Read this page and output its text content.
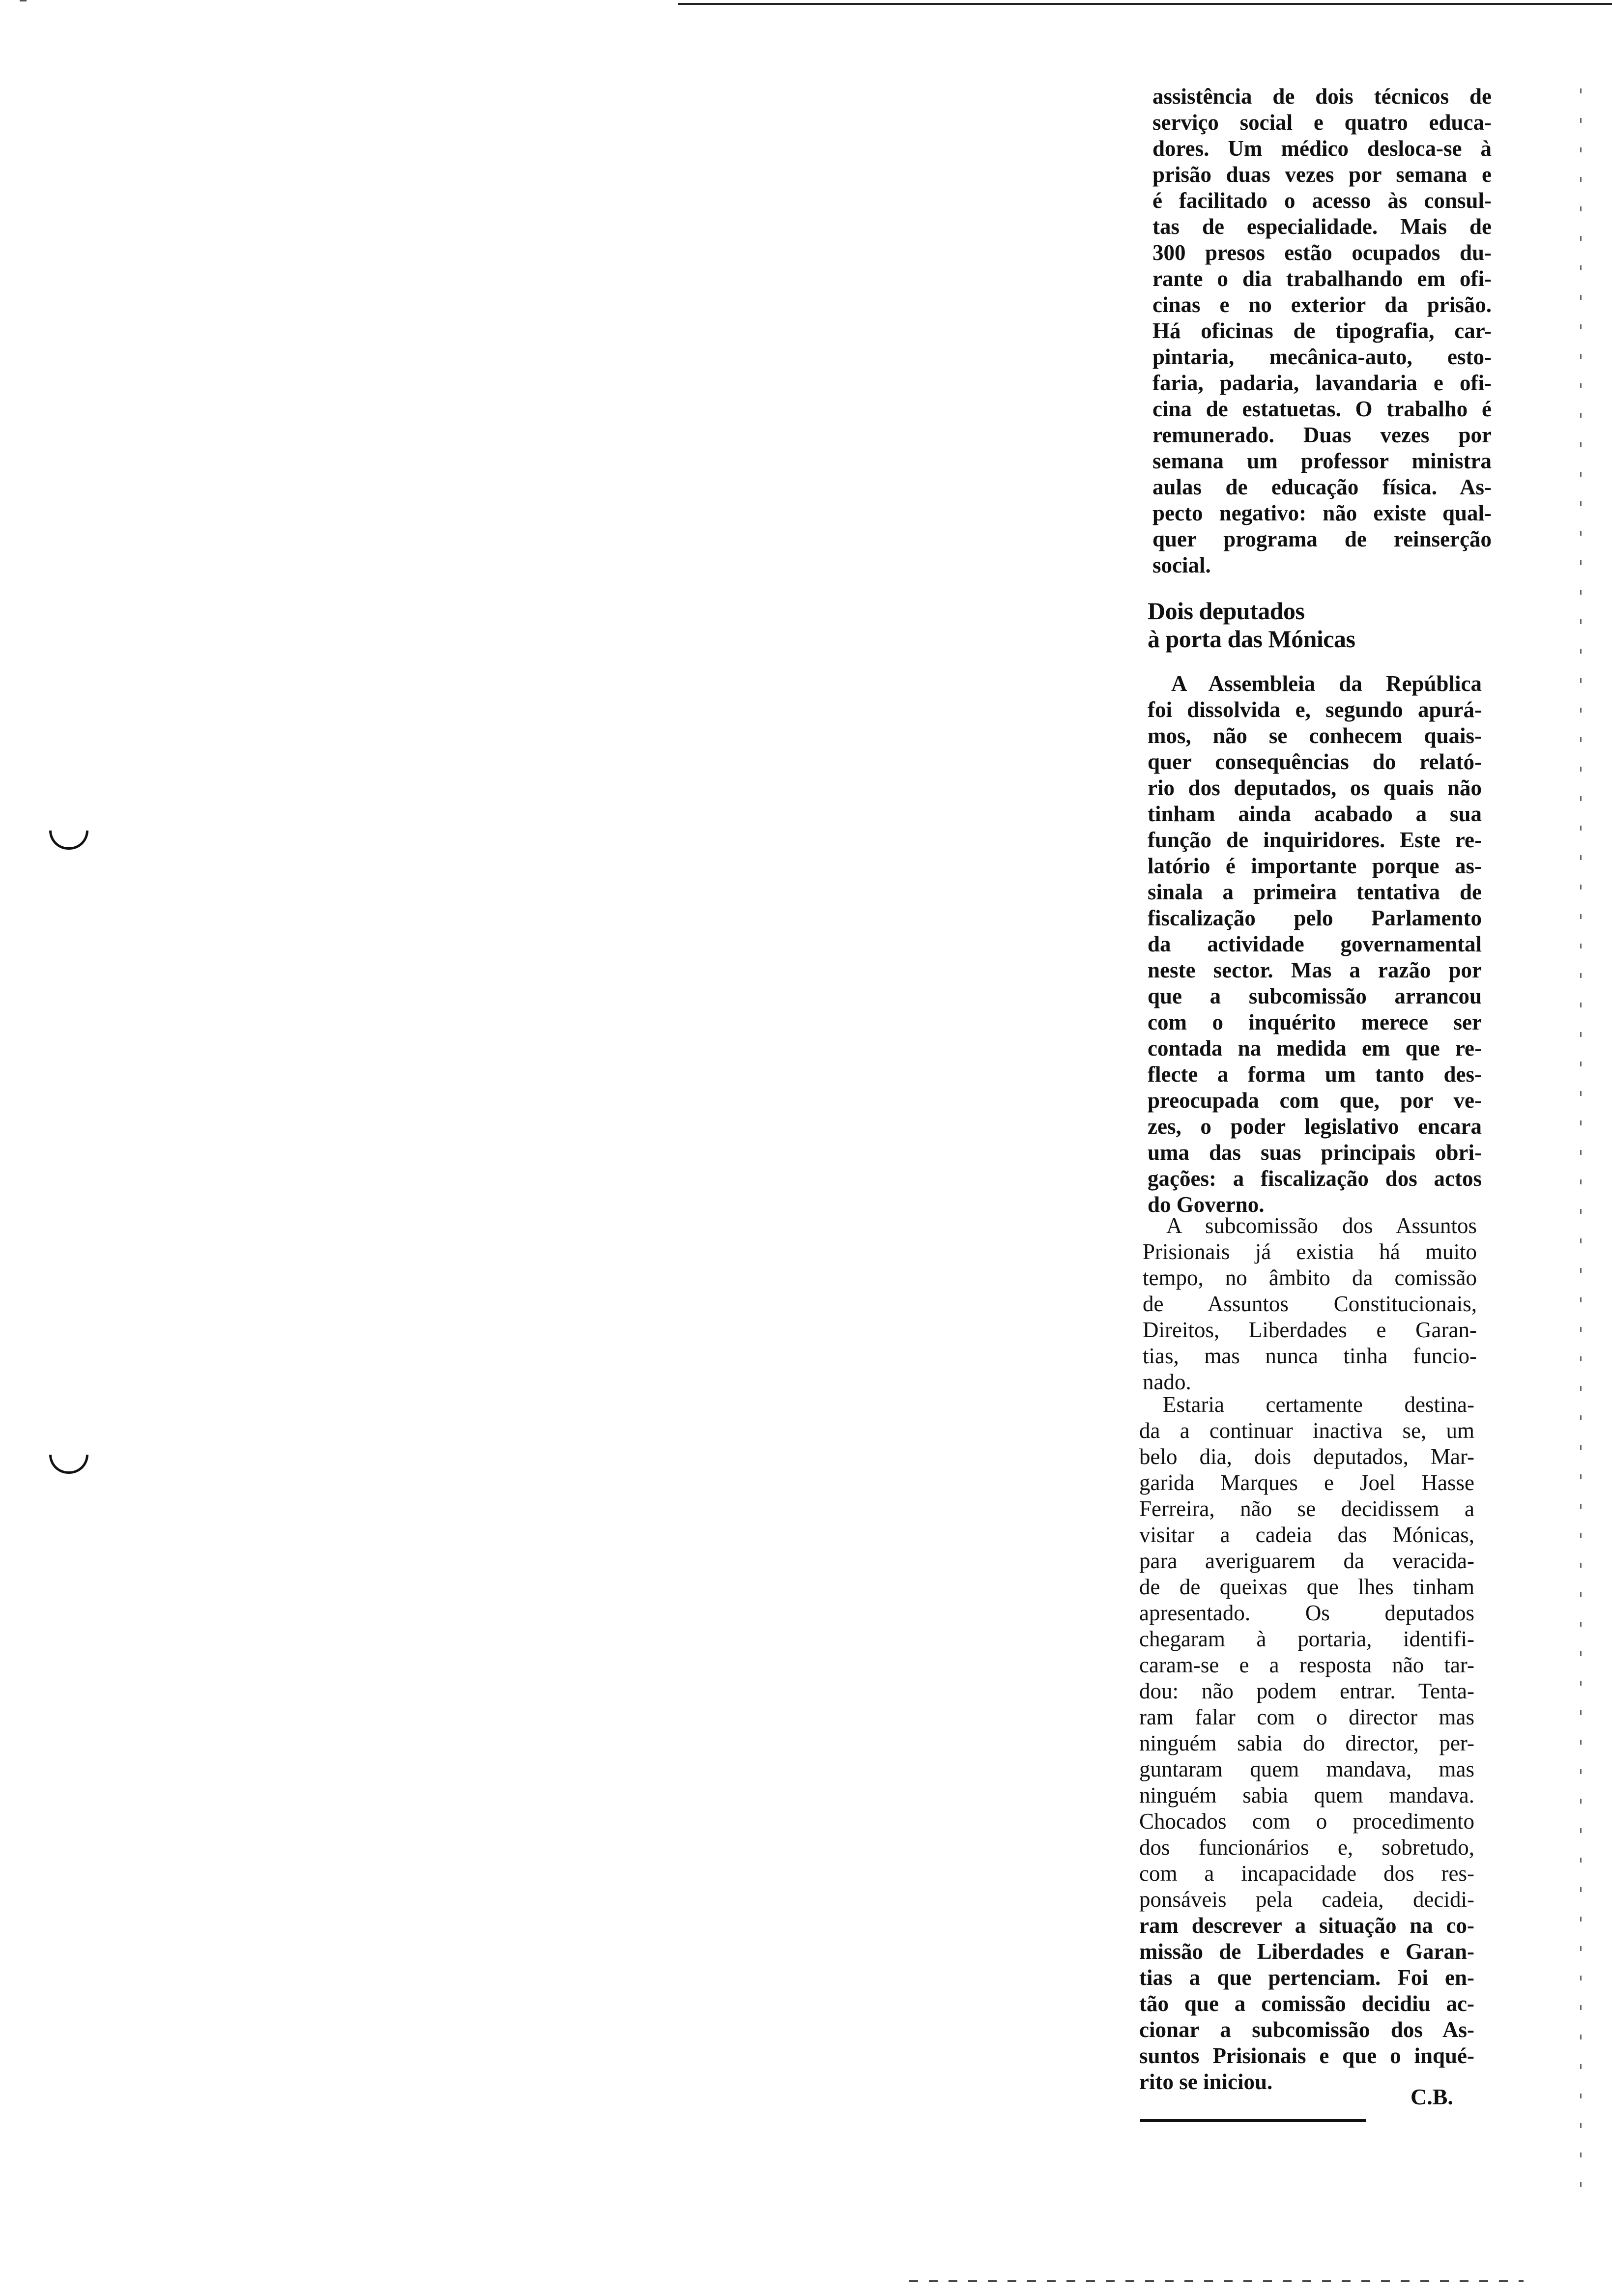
assistência de dois técnicos de
serviço social e quatro educa-
dores. Um médico desloca-se à
prisão duas vezes por semana e
é facilitado o acesso às consul-
tas de especialidade. Mais de
300 presos estão ocupados du-
rante o dia trabalhando em ofi-
cinas e no exterior da prisão.
Há oficinas de tipografia, car-
pintaria, mecânica-auto, esto-
faria, padaria, lavandaria e ofi-
cina de estatuetas. O trabalho é
remunerado. Duas vezes por
semana um professor ministra
aulas de educação física. As-
pecto negativo: não existe qual-
quer programa de reinserção
social.
Dois deputados
à porta das Mónicas
A Assembleia da República
foi dissolvida e, segundo apurá-
mos, não se conhecem quais-
quer consequências do relató-
rio dos deputados, os quais não
tinham ainda acabado a sua
função de inquiridores. Este re-
latório é importante porque as-
sinala a primeira tentativa de
fiscalização pelo Parlamento
da actividade governamental
neste sector. Mas a razão por
que a subcomissão arrancou
com o inquérito merece ser
contada na medida em que re-
flecte a forma um tanto des-
preocupada com que, por ve-
zes, o poder legislativo encara
uma das suas principais obri-
gações: a fiscalização dos actos
do Governo.
A subcomissão dos Assuntos
Prisionais já existia há muito
tempo, no âmbito da comissão
de Assuntos Constitucionais,
Direitos, Liberdades e Garan-
tias, mas nunca tinha funcio-
nado.
Estaria certamente destina-
da a continuar inactiva se, um
belo dia, dois deputados, Mar-
garida Marques e Joel Hasse
Ferreira, não se decidissem a
visitar a cadeia das Mónicas,
para averiguarem da veracida-
de de queixas que lhes tinham
apresentado. Os deputados
chegaram à portaria, identifi-
caram-se e a resposta não tar-
dou: não podem entrar. Tenta-
ram falar com o director mas
ninguém sabia do director, per-
guntaram quem mandava, mas
ninguém sabia quem mandava.
Chocados com o procedimento
dos funcionários e, sobretudo,
com a incapacidade dos res-
ponsáveis pela cadeia, decidi-
ram descrever a situação na co-
missão de Liberdades e Garan-
tias a que pertenciam. Foi en-
tão que a comissão decidiu ac-
cionar a subcomissão dos As-
suntos Prisionais e que o inqué-
rito se iniciou.
C.B.
